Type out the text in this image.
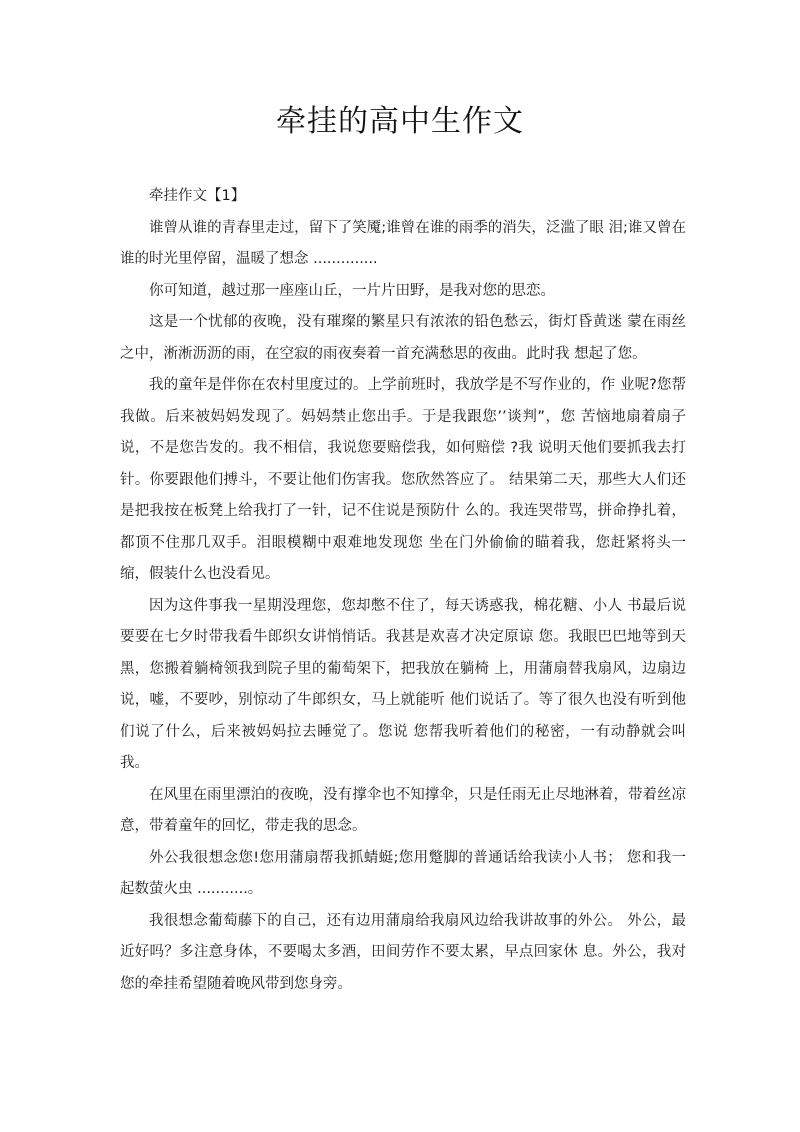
牵挂的高中生作文

牵挂作文【1】

谁曾从谁的青春里走过，留下了笑魇;谁曾在谁的雨季的消失，泛滥了眼 泪;谁又曾在谁的时光里停留，温暖了想念 ..............

你可知道，越过那一座座山丘，一片片田野，是我对您的思恋。

这是一个忧郁的夜晚，没有璀璨的繁星只有浓浓的铅色愁云，街灯昏黄迷 蒙在雨丝之中，淅淅沥沥的雨，在空寂的雨夜奏着一首充满愁思的夜曲。此时我 想起了您。

我的童年是伴你在农村里度过的。上学前班时，我放学是不写作业的，作 业呢?您帮我做。后来被妈妈发现了。妈妈禁止您出手。于是我跟您’’谈判”，您 苦恼地扇着扇子说，不是您告发的。我不相信，我说您要赔偿我，如何赔偿 ?我 说明天他们要抓我去打针。你要跟他们搏斗，不要让他们伤害我。您欣然答应了。 结果第二天，那些大人们还是把我按在板凳上给我打了一针，记不住说是预防什 么的。我连哭带骂，拼命挣扎着，都顶不住那几双手。泪眼模糊中艰难地发现您 坐在门外偷偷的瞄着我，您赶紧将头一缩，假装什么也没看见。

因为这件事我一星期没理您，您却憋不住了，每天诱惑我，棉花糖、小人 书最后说要要在七夕时带我看牛郎织女讲悄悄话。我甚是欢喜才决定原谅 您。我眼巴巴地等到天黑，您搬着躺椅领我到院子里的葡萄架下，把我放在躺椅 上，用蒲扇替我扇风，边扇边说，嘘，不要吵，别惊动了牛郎织女，马上就能听 他们说话了。等了很久也没有听到他们说了什么，后来被妈妈拉去睡觉了。您说 您帮我听着他们的秘密，一有动静就会叫我。

在风里在雨里漂泊的夜晚，没有撑伞也不知撑伞，只是任雨无止尽地淋着，带着丝凉意，带着童年的回忆，带走我的思念。

外公我很想念您!您用蒲扇帮我抓蜻蜓;您用蹩脚的普通话给我读小人书； 您和我一起数萤火虫 ...........。

我很想念葡萄藤下的自己，还有边用蒲扇给我扇风边给我讲故事的外公。 外公，最近好吗？多注意身体，不要喝太多酒，田间劳作不要太累，早点回家休 息。外公，我对您的牵挂希望随着晚风带到您身旁。
